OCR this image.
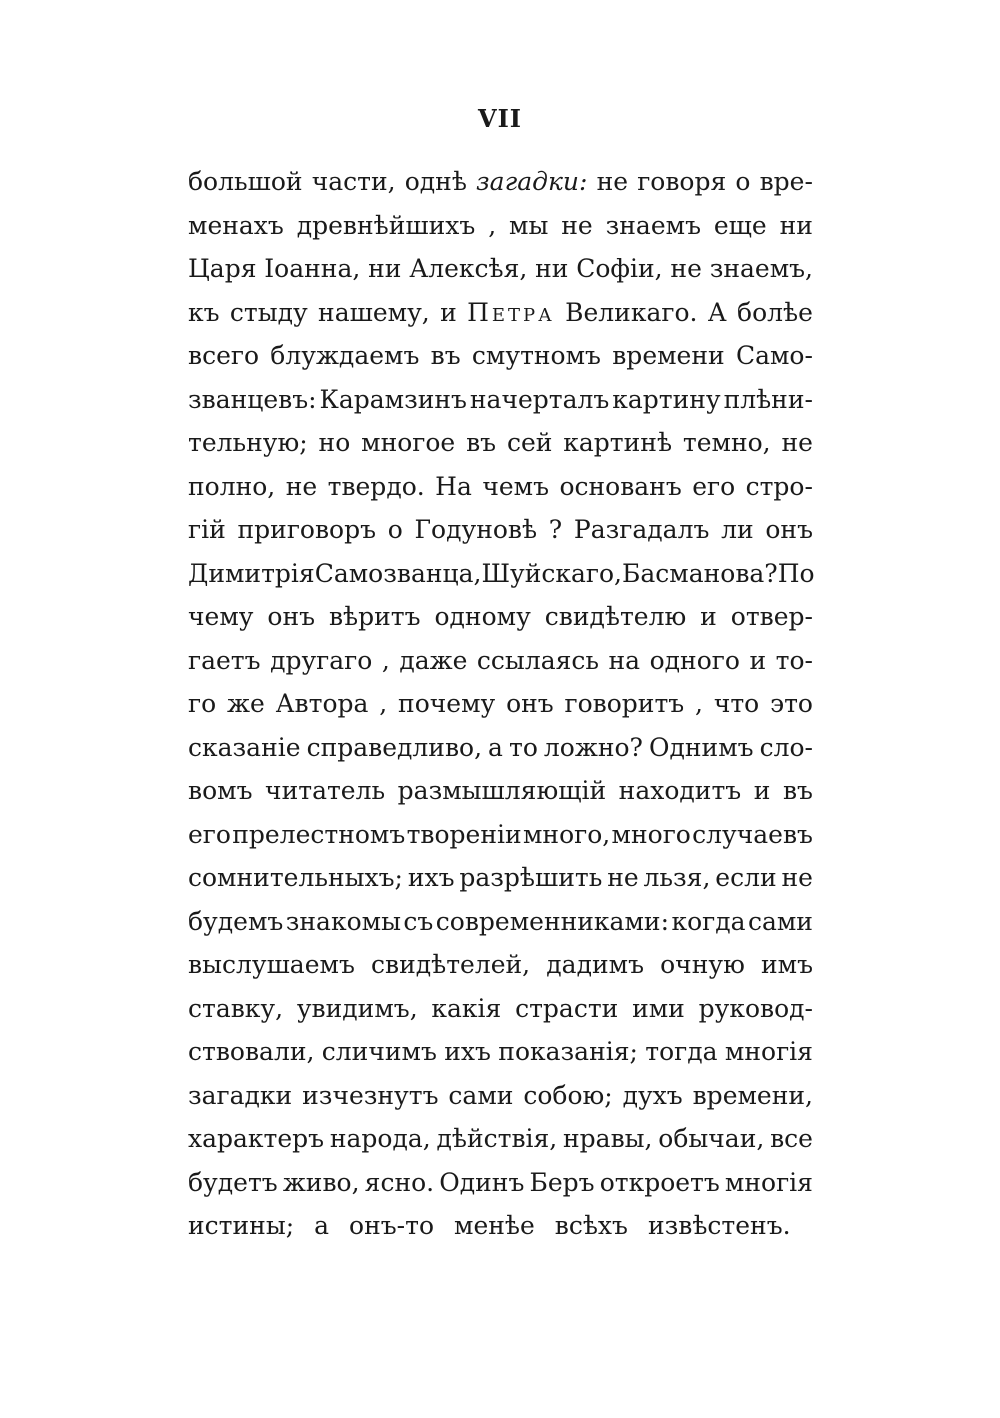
VII
большой части, однѣ загадки: не говоря о вре-
менахъ древнѣйшихъ , мы не знаемъ еще ни
Царя Іоанна, ни Алексѣя, ни Софіи, не знаемъ,
къ стыду нашему, и Петра Великаго. А болѣе
всего блуждаемъ въ смутномъ времени Само-
званцевъ: Карамзинъ начерталъ картину плѣни-
тельную; но многое въ сей картинѣ темно, не
полно, не твердо. На чемъ основанъ его стро-
гій приговоръ о Годуновѣ ? Разгадалъ ли онъ
Димитрія Самозванца, Шуйскаго, Басманова? По
чему онъ вѣритъ одному свидѣтелю и отвер-
гаетъ другаго , даже ссылаясь на одного и то-
го же Автора , почему онъ говоритъ , что это
сказаніе справедливо, а то ложно? Однимъ сло-
вомъ читатель размышляющій находитъ и въ
его прелестномъ твореніи много, много случаевъ
сомнительныхъ; ихъ разрѣшить не льзя, если не
будемъ знакомы съ современниками: когда сами
выслушаемъ свидѣтелей, дадимъ очную имъ
ставку, увидимъ, какія страсти ими руковод-
ствовали, сличимъ ихъ показанія; тогда многія
загадки изчезнутъ сами собою; духъ времени,
характеръ народа, дѣйствія, нравы, обычаи, все
будетъ живо, ясно. Одинъ Беръ откроетъ многія
истины; а онъ-то менѣе всѣхъ извѣстенъ.
